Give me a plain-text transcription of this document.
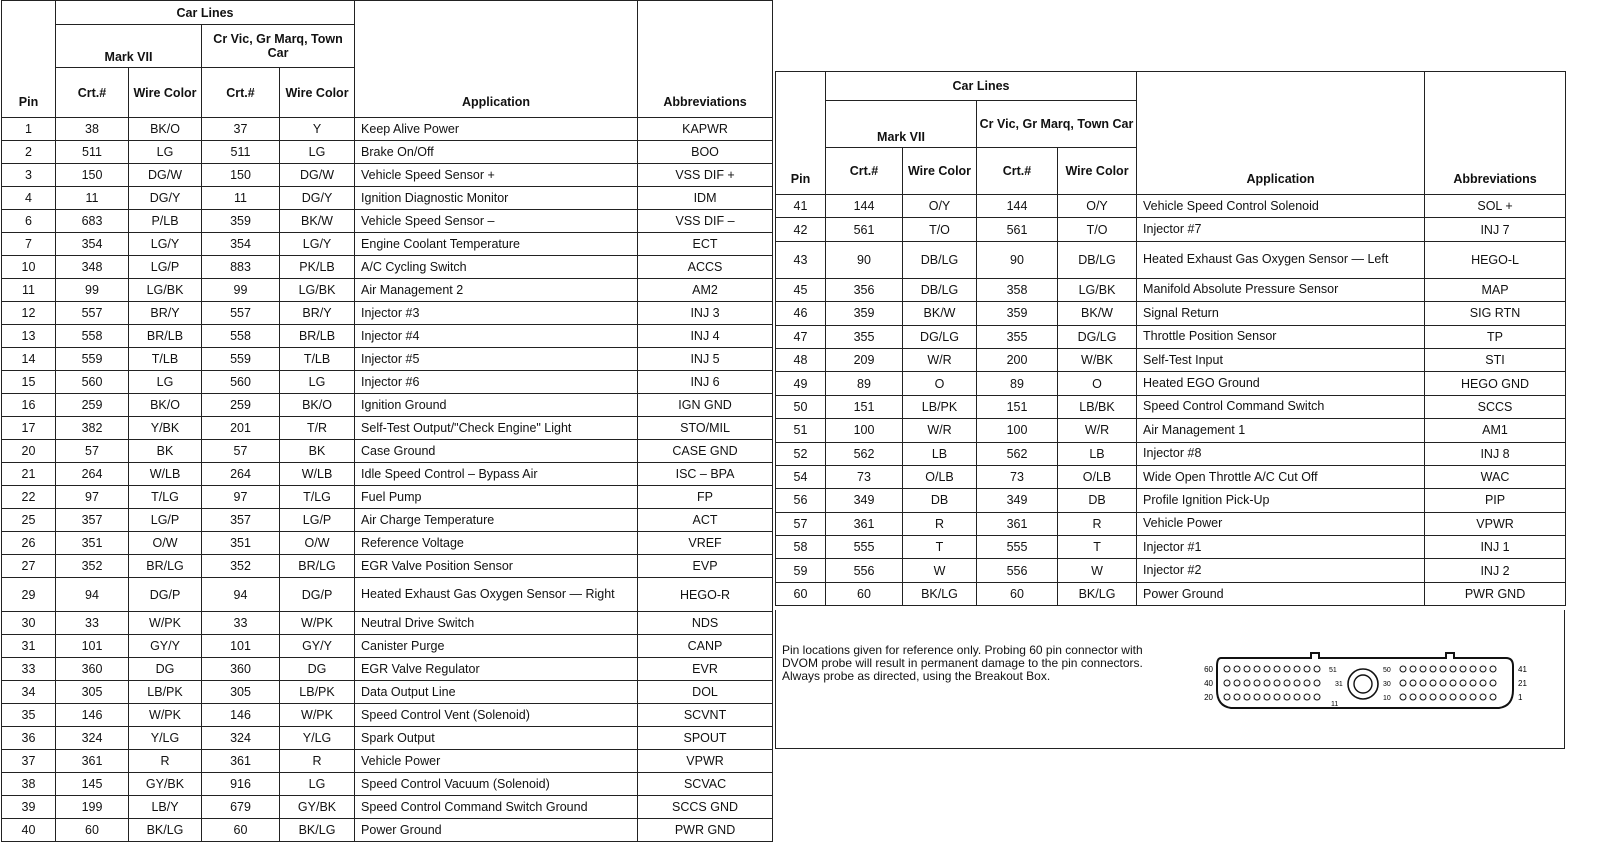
Pin	Car Lines				Application	Abbreviations
	Mark VII		Cr Vic, Gr Marq, Town Car			
	Crt.#	Wire Color	Crt.#	Wire Color		
1	38	BK/O	37	Y	Keep Alive Power	KAPWR
2	511	LG	511	LG	Brake On/Off	BOO
3	150	DG/W	150	DG/W	Vehicle Speed Sensor +	VSS DIF +
4	11	DG/Y	11	DG/Y	Ignition Diagnostic Monitor	IDM
6	683	P/LB	359	BK/W	Vehicle Speed Sensor –	VSS DIF –
7	354	LG/Y	354	LG/Y	Engine Coolant Temperature	ECT
10	348	LG/P	883	PK/LB	A/C Cycling Switch	ACCS
11	99	LG/BK	99	LG/BK	Air Management 2	AM2
12	557	BR/Y	557	BR/Y	Injector #3	INJ 3
13	558	BR/LB	558	BR/LB	Injector #4	INJ 4
14	559	T/LB	559	T/LB	Injector #5	INJ 5
15	560	LG	560	LG	Injector #6	INJ 6
16	259	BK/O	259	BK/O	Ignition Ground	IGN GND
17	382	Y/BK	201	T/R	Self-Test Output/"Check Engine" Light	STO/MIL
20	57	BK	57	BK	Case Ground	CASE GND
21	264	W/LB	264	W/LB	Idle Speed Control – Bypass Air	ISC – BPA
22	97	T/LG	97	T/LG	Fuel Pump	FP
25	357	LG/P	357	LG/P	Air Charge Temperature	ACT
26	351	O/W	351	O/W	Reference Voltage	VREF
27	352	BR/LG	352	BR/LG	EGR Valve Position Sensor	EVP
29	94	DG/P	94	DG/P	Heated Exhaust Gas Oxygen Sensor — Right	HEGO-R
30	33	W/PK	33	W/PK	Neutral Drive Switch	NDS
31	101	GY/Y	101	GY/Y	Canister Purge	CANP
33	360	DG	360	DG	EGR Valve Regulator	EVR
34	305	LB/PK	305	LB/PK	Data Output Line	DOL
35	146	W/PK	146	W/PK	Speed Control Vent (Solenoid)	SCVNT
36	324	Y/LG	324	Y/LG	Spark Output	SPOUT
37	361	R	361	R	Vehicle Power	VPWR
38	145	GY/BK	916	LG	Speed Control Vacuum (Solenoid)	SCVAC
39	199	LB/Y	679	GY/BK	Speed Control Command Switch Ground	SCCS GND
40	60	BK/LG	60	BK/LG	Power Ground	PWR GND
Pin	Car Lines				Application	Abbreviations
	Mark VII		Cr Vic, Gr Marq, Town Car			
	Crt.#	Wire Color	Crt.#	Wire Color		
41	144	O/Y	144	O/Y	Vehicle Speed Control Solenoid	SOL +
42	561	T/O	561	T/O	Injector #7	INJ 7
43	90	DB/LG	90	DB/LG	Heated Exhaust Gas Oxygen Sensor — Left	HEGO-L
45	356	DB/LG	358	LG/BK	Manifold Absolute Pressure Sensor	MAP
46	359	BK/W	359	BK/W	Signal Return	SIG RTN
47	355	DG/LG	355	DG/LG	Throttle Position Sensor	TP
48	209	W/R	200	W/BK	Self-Test Input	STI
49	89	O	89	O	Heated EGO Ground	HEGO GND
50	151	LB/PK	151	LB/BK	Speed Control Command Switch	SCCS
51	100	W/R	100	W/R	Air Management 1	AM1
52	562	LB	562	LB	Injector #8	INJ 8
54	73	O/LB	73	O/LB	Wide Open Throttle A/C Cut Off	WAC
56	349	DB	349	DB	Profile Ignition Pick-Up	PIP
57	361	R	361	R	Vehicle Power	VPWR
58	555	T	555	T	Injector #1	INJ 1
59	556	W	556	W	Injector #2	INJ 2
60	60	BK/LG	60	BK/LG	Power Ground	PWR GND
Pin locations given for reference only. Probing 60 pin connector with DVOM probe will result in permanent damage to the pin connectors. Always probe as directed, using the Breakout Box.	60
40
20
41
21
1
51
31
11
50
30
10
